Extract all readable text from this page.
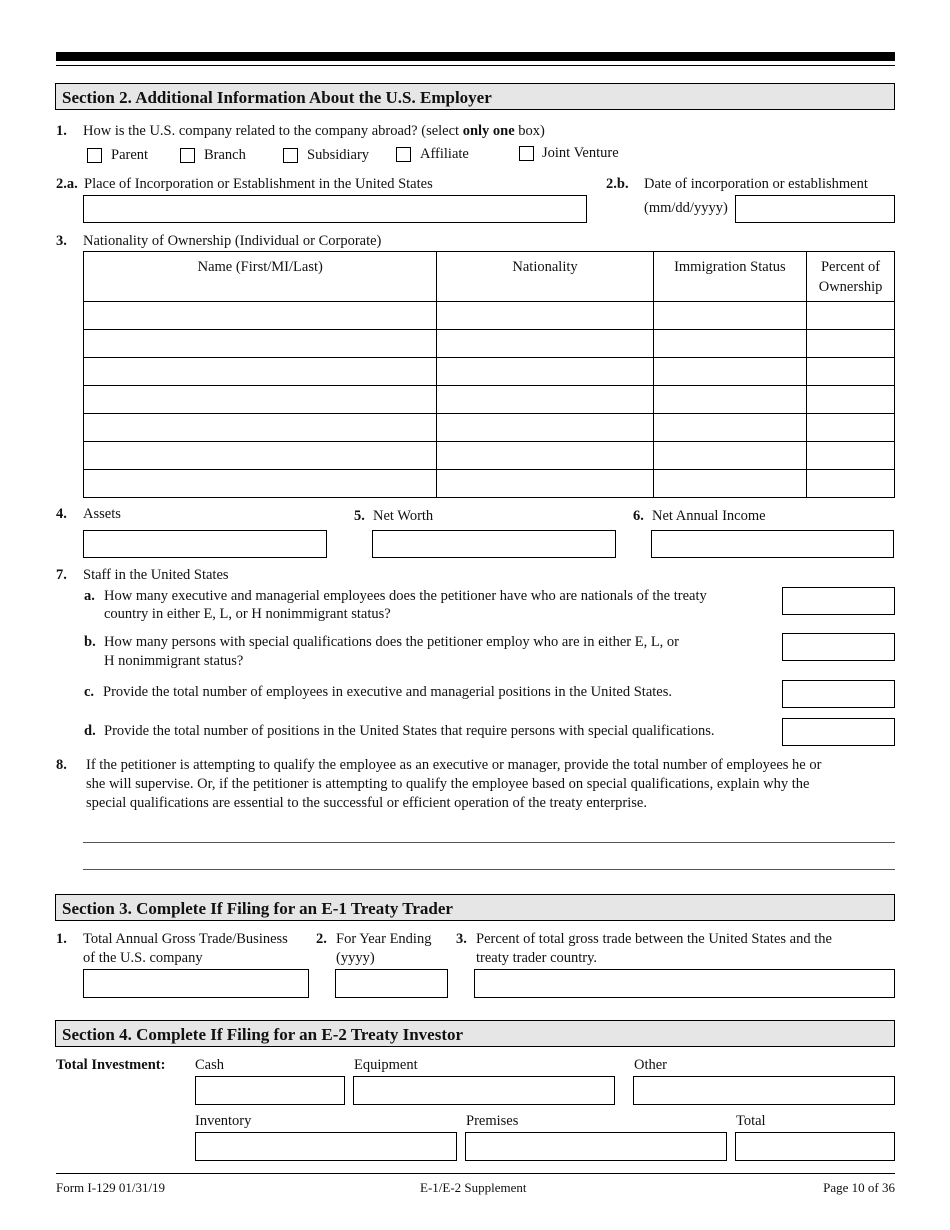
Section 2. Additional Information About the U.S. Employer
1. How is the U.S. company related to the company abroad? (select only one box)
Parent	Branch	Subsidiary	Affiliate	Joint Venture
2.a. Place of Incorporation or Establishment in the United States	2.b. Date of incorporation or establishment
(mm/dd/yyyy)
3. Nationality of Ownership (Individual or Corporate)
Name (First/MI/Last)	Nationality	Immigration Status	Percent of Ownership

4. Assets	5. Net Worth	6. Net Annual Income
7. Staff in the United States
a. How many executive and managerial employees does the petitioner have who are nationals of the treaty
country in either E, L, or H nonimmigrant status?
b. How many persons with special qualifications does the petitioner employ who are in either E, L, or
H nonimmigrant status?
c. Provide the total number of employees in executive and managerial positions in the United States.
d. Provide the total number of positions in the United States that require persons with special qualifications.
8. If the petitioner is attempting to qualify the employee as an executive or manager, provide the total number of employees he or
she will supervise. Or, if the petitioner is attempting to qualify the employee based on special qualifications, explain why the
special qualifications are essential to the successful or efficient operation of the treaty enterprise.
Section 3. Complete If Filing for an E-1 Treaty Trader
1. Total Annual Gross Trade/Business
of the U.S. company
2. For Year Ending
(yyyy)
3. Percent of total gross trade between the United States and the
treaty trader country.
Section 4. Complete If Filing for an E-2 Treaty Investor
Total Investment: Cash	Equipment	Other
Inventory	Premises	Total
Form I-129 01/31/19	E-1/E-2 Supplement	Page 10 of 36
